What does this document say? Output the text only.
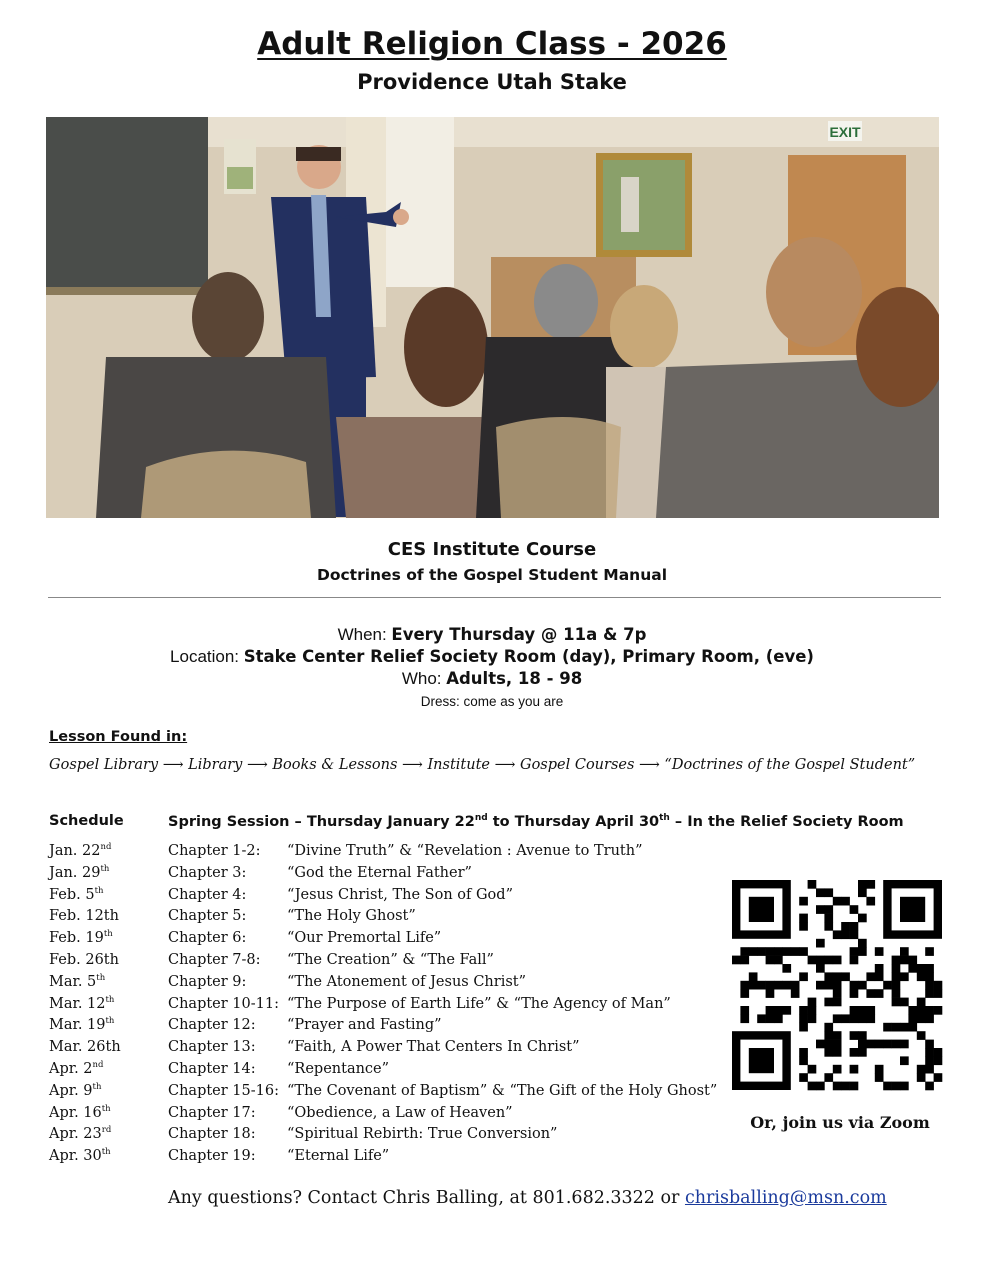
Adult Religion Class - 2026
Providence Utah Stake
EXIT
CES Institute Course
Doctrines of the Gospel Student Manual
When: Every Thursday @ 11a & 7p
Location: Stake Center Relief Society Room (day), Primary Room, (eve)
Who: Adults, 18 - 98
Dress: come as you are
Lesson Found in:
Gospel Library ⟶ Library ⟶ Books & Lessons ⟶ Institute ⟶ Gospel Courses ⟶ “Doctrines of the Gospel Student”
Schedule	Spring Session – Thursday January 22nd to Thursday April 30th – In the Relief Society Room
Jan. 22nd	Chapter 1-2: “Divine Truth” & “Revelation : Avenue to Truth”
Jan. 29th	Chapter 3:	“God the Eternal Father”
Feb. 5th	Chapter 4:	“Jesus Christ, The Son of God”
Feb. 12th	Chapter 5:	“The Holy Ghost”
Feb. 19th	Chapter 6:	“Our Premortal Life”
Feb. 26th	Chapter 7-8: “The Creation” & “The Fall”
Mar. 5th	Chapter 9:	“The Atonement of Jesus Christ”
Mar. 12th	Chapter 10-11: “The Purpose of Earth Life” & “The Agency of Man”
Mar. 19th	Chapter 12: “Prayer and Fasting”
Mar. 26th	Chapter 13: “Faith, A Power That Centers In Christ”
Apr. 2nd	Chapter 14: “Repentance”
Apr. 9th	Chapter 15-16: “The Covenant of Baptism” & “The Gift of the Holy Ghost”
Apr. 16th	Chapter 17: “Obedience, a Law of Heaven”
Apr. 23rd	Chapter 18: “Spiritual Rebirth: True Conversion”
Apr. 30th	Chapter 19: “Eternal Life”
Or, join us via Zoom
Any questions? Contact Chris Balling, at 801.682.3322 or chrisballing@msn.com
